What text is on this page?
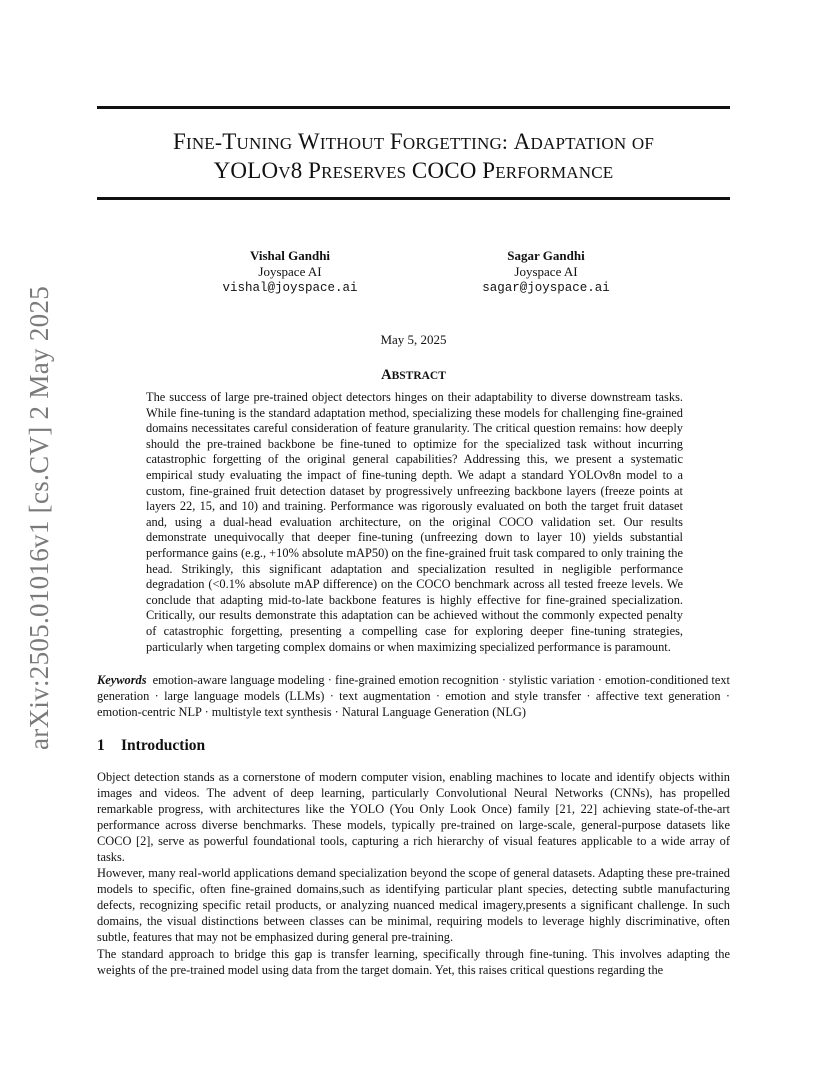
FINE-TUNING WITHOUT FORGETTING: ADAPTATION OF
YOLOV8 PRESERVES COCO PERFORMANCE
arXiv:2505.01016v1 [cs.CV] 2 May 2025
Vishal Gandhi
Joyspace AI
vishal@joyspace.ai
Sagar Gandhi
Joyspace AI
sagar@joyspace.ai
May 5, 2025
ABSTRACT

The success of large pre-trained object detectors hinges on their adaptability to diverse downstream tasks. While fine-tuning is the standard adaptation method, specializing these models for challenging fine-grained domains necessitates careful consideration of feature granularity. The critical question remains: how deeply should the pre-trained backbone be fine-tuned to optimize for the specialized task without incurring catastrophic forgetting of the original general capabilities? Addressing this, we present a systematic empirical study evaluating the impact of fine-tuning depth. We adapt a standard YOLOv8n model to a custom, fine-grained fruit detection dataset by progressively unfreezing backbone layers (freeze points at layers 22, 15, and 10) and training. Performance was rigorously evaluated on both the target fruit dataset and, using a dual-head evaluation architecture, on the original COCO validation set. Our results demonstrate unequivocally that deeper fine-tuning (unfreezing down to layer 10) yields substantial performance gains (e.g., +10% absolute mAP50) on the fine-grained fruit task compared to only training the head. Strikingly, this significant adaptation and specialization resulted in negligible performance degradation (<0.1% absolute mAP difference) on the COCO benchmark across all tested freeze levels. We conclude that adapting mid-to-late backbone features is highly effective for fine-grained specialization. Critically, our results demonstrate this adaptation can be achieved without the commonly expected penalty of catastrophic forgetting, presenting a compelling case for exploring deeper fine-tuning strategies, particularly when targeting complex domains or when maximizing specialized performance is paramount.

Keywords emotion-aware language modeling · fine-grained emotion recognition · stylistic variation · emotion-conditioned text generation · large language models (LLMs) · text augmentation · emotion and style transfer · affective text generation · emotion-centric NLP · multistyle text synthesis · Natural Language Generation (NLG)

1 Introduction

Object detection stands as a cornerstone of modern computer vision, enabling machines to locate and identify objects within images and videos. The advent of deep learning, particularly Convolutional Neural Networks (CNNs), has propelled remarkable progress, with architectures like the YOLO (You Only Look Once) family [21, 22] achieving state-of-the-art performance across diverse benchmarks. These models, typically pre-trained on large-scale, general-purpose datasets like COCO [2], serve as powerful foundational tools, capturing a rich hierarchy of visual features applicable to a wide array of tasks.

However, many real-world applications demand specialization beyond the scope of general datasets. Adapting these pre-trained models to specific, often fine-grained domains,such as identifying particular plant species, detecting subtle manufacturing defects, recognizing specific retail products, or analyzing nuanced medical imagery,presents a significant challenge. In such domains, the visual distinctions between classes can be minimal, requiring models to leverage highly discriminative, often subtle, features that may not be emphasized during general pre-training.

The standard approach to bridge this gap is transfer learning, specifically through fine-tuning. This involves adapting the weights of the pre-trained model using data from the target domain. Yet, this raises critical questions regarding the
